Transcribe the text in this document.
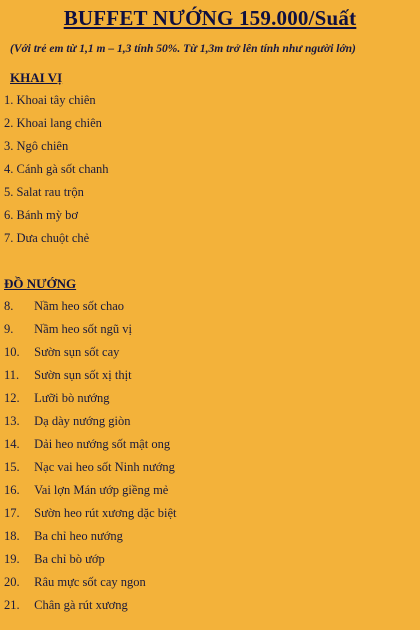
BUFFET NƯỚNG 159.000/Suất
(Với trẻ em từ 1,1 m – 1,3 tính 50%. Từ 1,3m trở lên tính như người lớn)
KHAI VỊ
1. Khoai tây chiên
2. Khoai lang chiên
3. Ngô chiên
4. Cánh gà sốt chanh
5. Salat rau trộn
6. Bánh mỳ bơ
7. Dưa chuột chẻ
ĐỒ NƯỚNG
8. Nầm heo sốt chao
9. Nầm heo sốt ngũ vị
10. Sườn sụn sốt cay
11. Sườn sụn sốt xị thịt
12. Lưỡi bò nướng
13. Dạ dày nướng giòn
14. Dải heo nướng sốt mật ong
15. Nạc vai heo sốt Ninh nướng
16. Vai lợn Mán ướp giềng mẻ
17. Sườn heo rút xương dặc biệt
18. Ba chỉ heo nướng
19. Ba chỉ bò ướp
20. Râu mực sốt cay ngon
21. Chân gà rút xương
